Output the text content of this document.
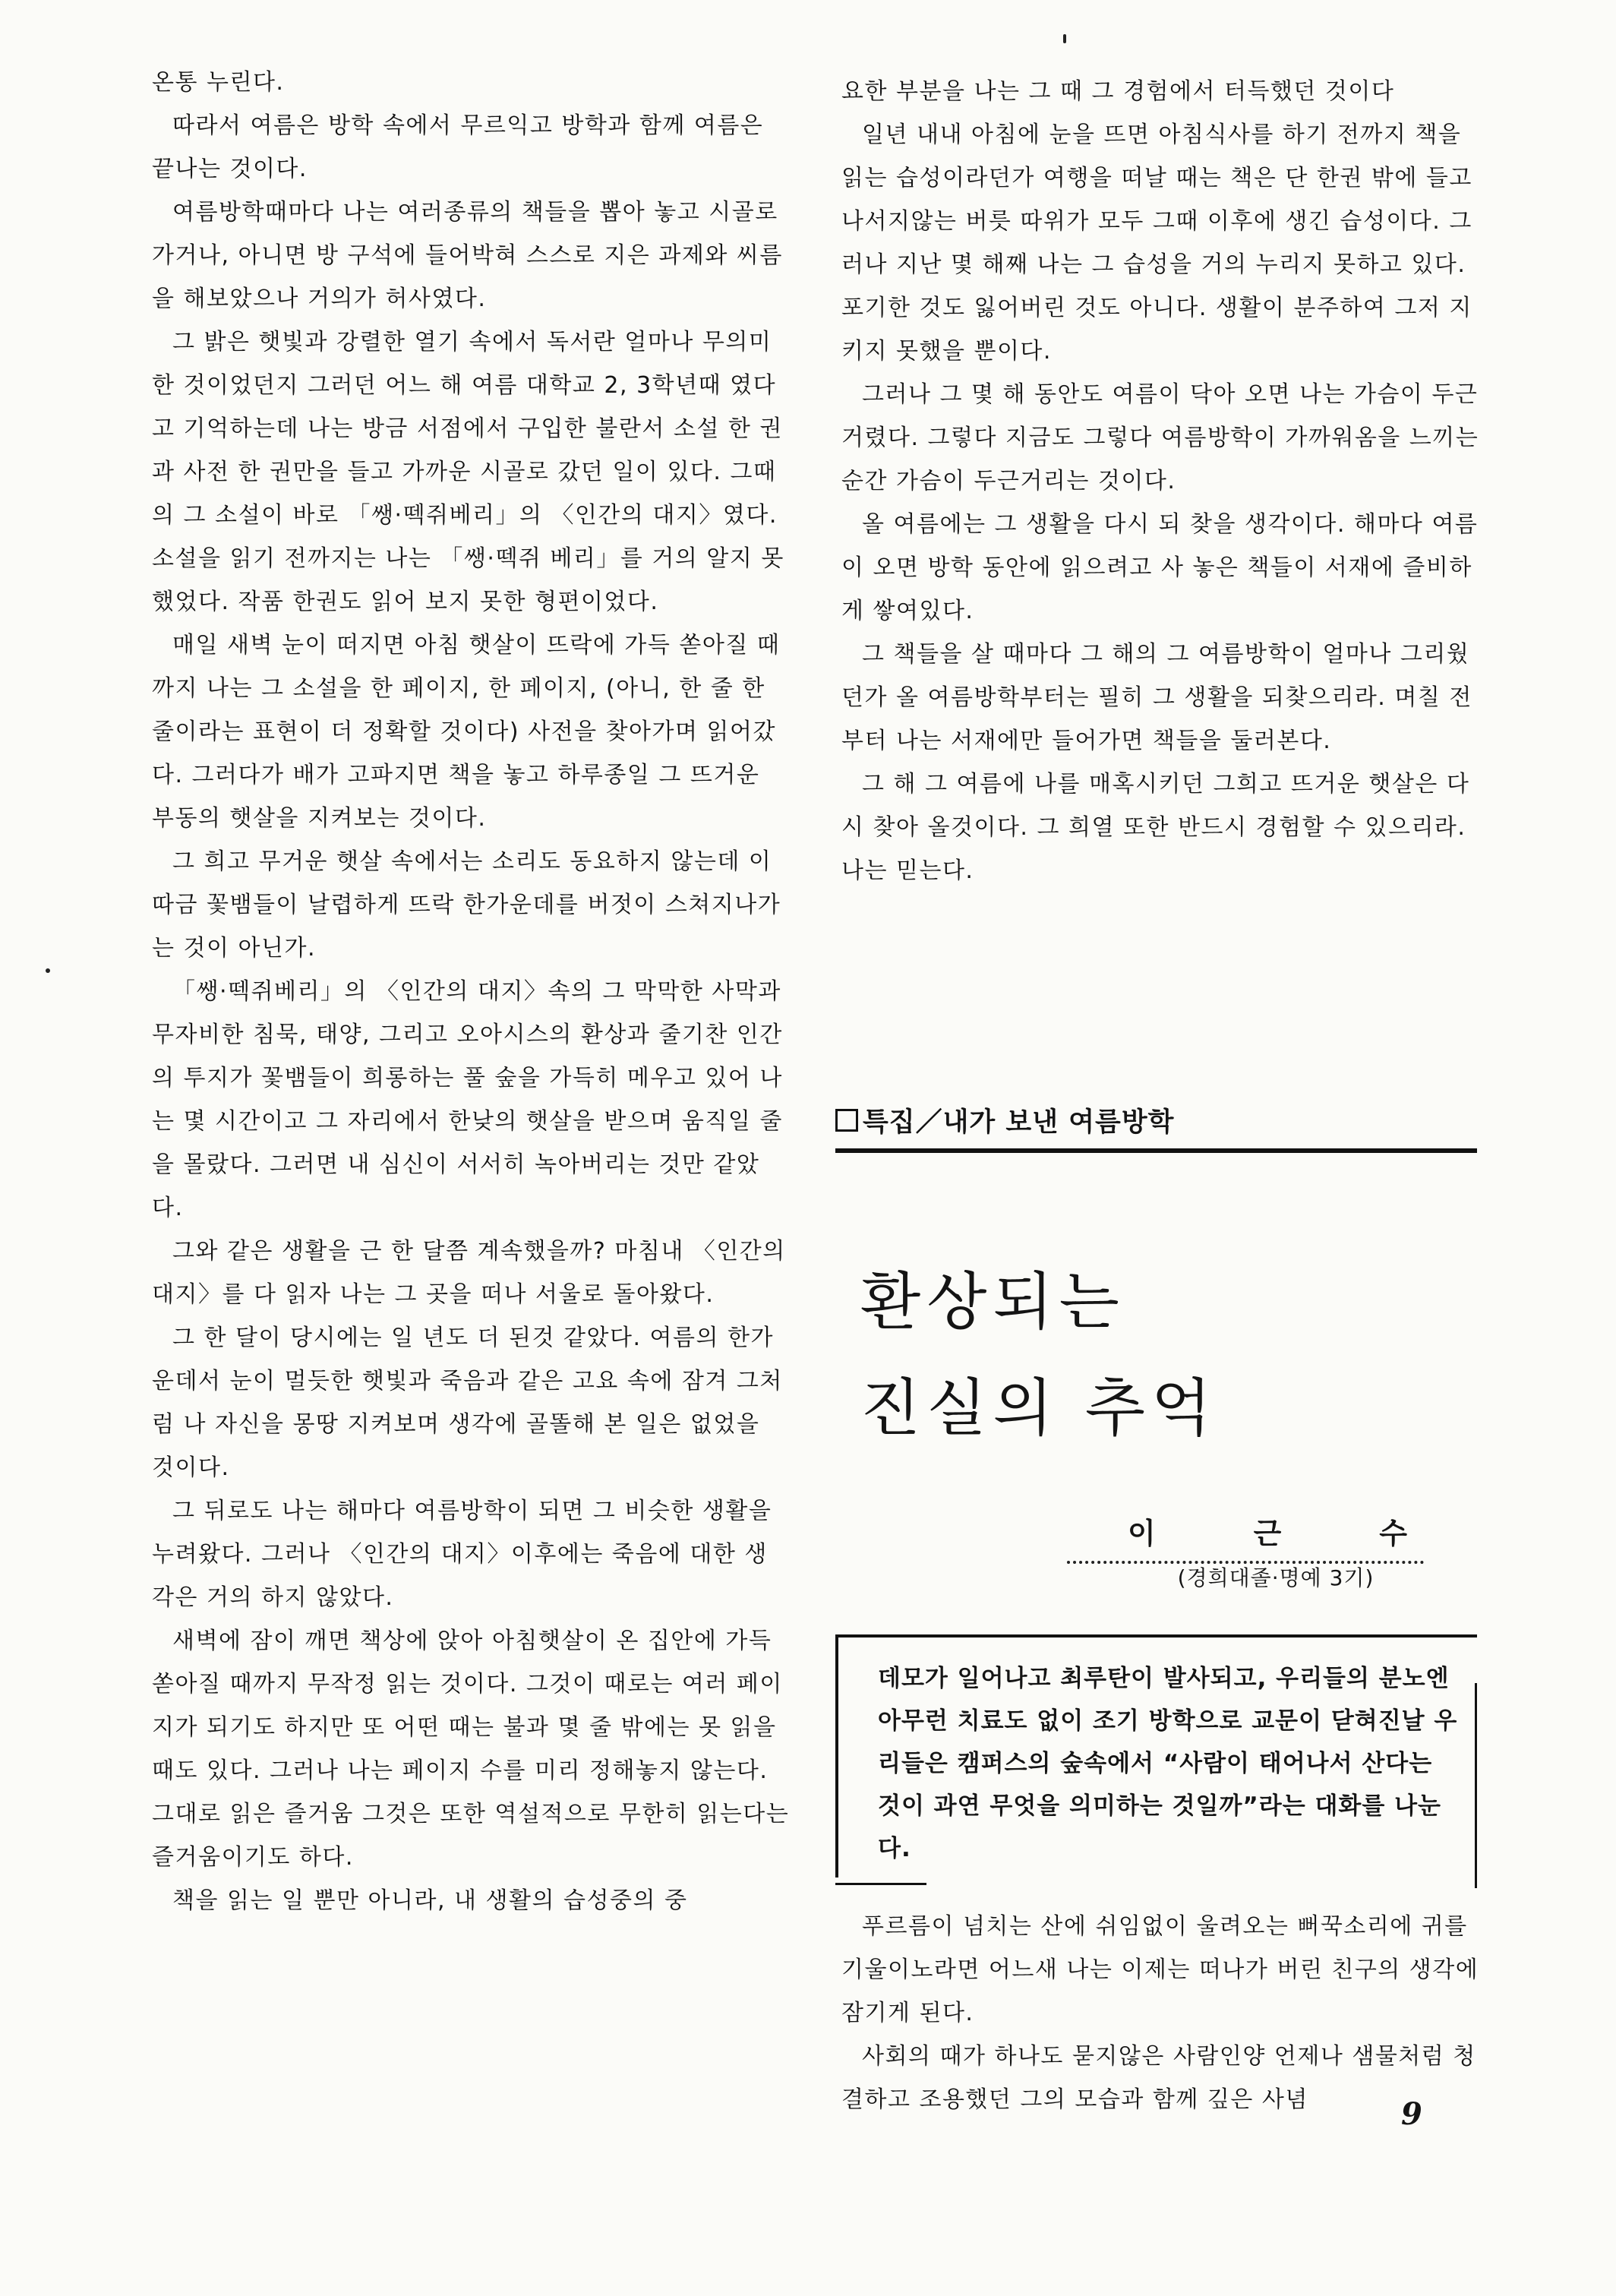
온통 누린다.

따라서 여름은 방학 속에서 무르익고 방학과 함께 여름은 끝나는 것이다.

여름방학때마다 나는 여러종류의 책들을 뽑아 놓고 시골로 가거나, 아니면 방 구석에 들어박혀 스스로 지은 과제와 씨름을 해보았으나 거의가 허사였다.

그 밝은 햇빛과 강렬한 열기 속에서 독서란 얼마나 무의미한 것이었던지 그러던 어느 해 여름 대학교 2, 3학년때 였다고 기억하는데 나는 방금 서점에서 구입한 불란서 소설 한 권과 사전 한 권만을 들고 가까운 시골로 갔던 일이 있다. 그때의 그 소설이 바로 「쌩·떽쥐베리」의 〈인간의 대지〉였다. 소설을 읽기 전까지는 나는 「쌩·떽쥐 베리」를 거의 알지 못했었다. 작품 한권도 읽어 보지 못한 형편이었다.

매일 새벽 눈이 떠지면 아침 햇살이 뜨락에 가득 쏟아질 때까지 나는 그 소설을 한 페이지, 한 페이지, (아니, 한 줄 한 줄이라는 표현이 더 정확할 것이다) 사전을 찾아가며 읽어갔다. 그러다가 배가 고파지면 책을 놓고 하루종일 그 뜨거운 부동의 햇살을 지켜보는 것이다.

그 희고 무거운 햇살 속에서는 소리도 동요하지 않는데 이따금 꽃뱀들이 날렵하게 뜨락 한가운데를 버젓이 스쳐지나가는 것이 아닌가.

「쌩·떽쥐베리」의 〈인간의 대지〉속의 그 막막한 사막과 무자비한 침묵, 태양, 그리고 오아시스의 환상과 줄기찬 인간의 투지가 꽃뱀들이 희롱하는 풀 숲을 가득히 메우고 있어 나는 몇 시간이고 그 자리에서 한낮의 햇살을 받으며 움직일 줄을 몰랐다. 그러면 내 심신이 서서히 녹아버리는 것만 같았다.

그와 같은 생활을 근 한 달쯤 계속했을까? 마침내 〈인간의 대지〉를 다 읽자 나는 그 곳을 떠나 서울로 돌아왔다.

그 한 달이 당시에는 일 년도 더 된것 같았다. 여름의 한가운데서 눈이 멀듯한 햇빛과 죽음과 같은 고요 속에 잠겨 그처럼 나 자신을 몽땅 지켜보며 생각에 골똘해 본 일은 없었을 것이다.

그 뒤로도 나는 해마다 여름방학이 되면 그 비슷한 생활을 누려왔다. 그러나 〈인간의 대지〉이후에는 죽음에 대한 생각은 거의 하지 않았다.

새벽에 잠이 깨면 책상에 앉아 아침햇살이 온 집안에 가득 쏟아질 때까지 무작정 읽는 것이다. 그것이 때로는 여러 페이지가 되기도 하지만 또 어떤 때는 불과 몇 줄 밖에는 못 읽을 때도 있다. 그러나 나는 페이지 수를 미리 정해놓지 않는다. 그대로 읽은 즐거움 그것은 또한 역설적으로 무한히 읽는다는 즐거움이기도 하다.

책을 읽는 일 뿐만 아니라, 내 생활의 습성중의 중

요한 부분을 나는 그 때 그 경험에서 터득했던 것이다

일년 내내 아침에 눈을 뜨면 아침식사를 하기 전까지 책을 읽는 습성이라던가 여행을 떠날 때는 책은 단 한권 밖에 들고 나서지않는 버릇 따위가 모두 그때 이후에 생긴 습성이다. 그러나 지난 몇 해째 나는 그 습성을 거의 누리지 못하고 있다. 포기한 것도 잃어버린 것도 아니다. 생활이 분주하여 그저 지키지 못했을 뿐이다.

그러나 그 몇 해 동안도 여름이 닥아 오면 나는 가슴이 두근거렸다. 그렇다 지금도 그렇다 여름방학이 가까워옴을 느끼는 순간 가슴이 두근거리는 것이다.

올 여름에는 그 생활을 다시 되 찾을 생각이다. 해마다 여름이 오면 방학 동안에 읽으려고 사 놓은 책들이 서재에 즐비하게 쌓여있다.

그 책들을 살 때마다 그 해의 그 여름방학이 얼마나 그리웠던가 올 여름방학부터는 필히 그 생활을 되찾으리라. 며칠 전부터 나는 서재에만 들어가면 책들을 둘러본다.

그 해 그 여름에 나를 매혹시키던 그희고 뜨거운 햇살은 다시 찾아 올것이다. 그 희열 또한 반드시 경험할 수 있으리라. 나는 믿는다.

특집／내가 보낸 여름방학
환상되는
진실의 추억
이	근	수
(경희대졸·명예 3기)
데모가 일어나고 최루탄이 발사되고, 우리들의 분노엔 아무런 치료도 없이 조기 방학으로 교문이 닫혀진날 우리들은 캠퍼스의 숲속에서 “사람이 태어나서 산다는 것이 과연 무엇을 의미하는 것일까”라는 대화를 나눈다.

푸르름이 넘치는 산에 쉬임없이 울려오는 뻐꾹소리에 귀를 기울이노라면 어느새 나는 이제는 떠나가 버린 친구의 생각에 잠기게 된다.

사회의 때가 하나도 묻지않은 사람인양 언제나 샘물처럼 청결하고 조용했던 그의 모습과 함께 깊은 사념	9
